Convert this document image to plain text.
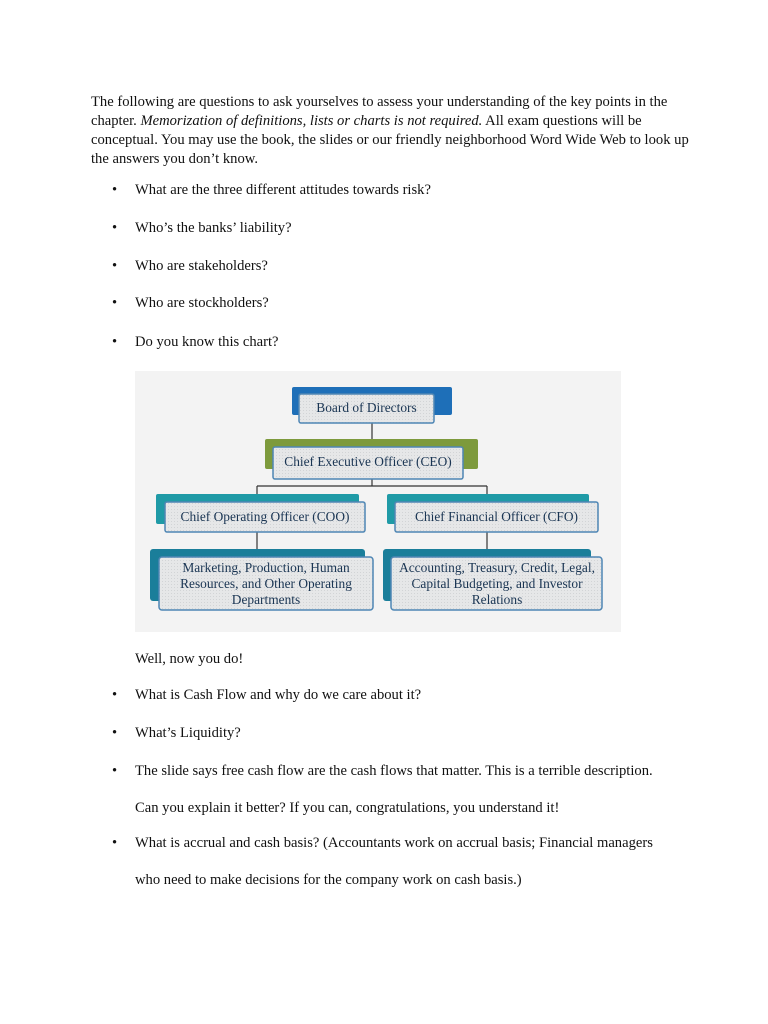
The following are questions to ask yourselves to assess your understanding of the key points in the chapter. Memorization of definitions, lists or charts is not required. All exam questions will be conceptual. You may use the book, the slides or our friendly neighborhood Word Wide Web to look up the answers you don’t know.

• What are the three different attitudes towards risk?
• Who’s the banks’ liability?
• Who are stakeholders?
• Who are stockholders?
• Do you know this chart?
Board of Directors
Chief Executive Officer (CEO)
Chief Operating Officer (COO)	Chief Financial Officer (CFO)
Marketing, Production, Human Resources, and Other Operating Departments
Accounting, Treasury, Credit, Legal, Capital Budgeting, and Investor Relations
Well, now you do!
• What is Cash Flow and why do we care about it?
• What’s Liquidity?
• The slide says free cash flow are the cash flows that matter. This is a terrible description.
Can you explain it better? If you can, congratulations, you understand it!
• What is accrual and cash basis? (Accountants work on accrual basis; Financial managers
who need to make decisions for the company work on cash basis.)
